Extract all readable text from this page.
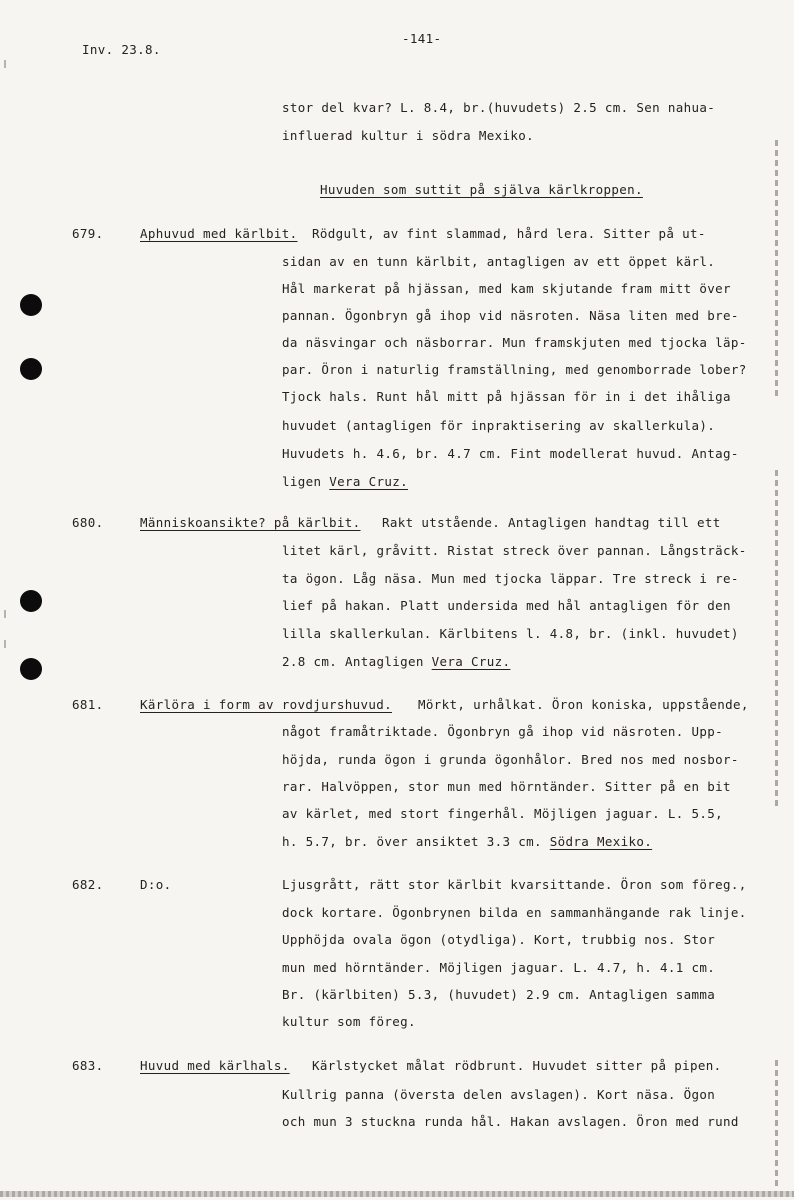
Inv. 23.8.
-141-
stor del kvar? L. 8.4, br.(huvudets) 2.5 cm. Sen nahua-
influerad kultur i södra Mexiko.
Huvuden som suttit på själva kärlkroppen.
679.	Aphuvud med kärlbit. Rödgult, av fint slammad, hård lera. Sitter på ut-
sidan av en tunn kärlbit, antagligen av ett öppet kärl.
Hål markerat på hjässan, med kam skjutande fram mitt över
pannan. Ögonbryn gå ihop vid näsroten. Näsa liten med bre-
da näsvingar och näsborrar. Mun framskjuten med tjocka läp-
par. Öron i naturlig framställning, med genomborrade lober?
Tjock hals. Runt hål mitt på hjässan för in i det ihåliga
huvudet (antagligen för inpraktisering av skallerkula).
Huvudets h. 4.6, br. 4.7 cm. Fint modellerat huvud. Antag-
ligen Vera Cruz.
680.	Människoansikte? på kärlbit. Rakt utstående. Antagligen handtag till ett
litet kärl, gråvitt. Ristat streck över pannan. Långsträck-
ta ögon. Låg näsa. Mun med tjocka läppar. Tre streck i re-
lief på hakan. Platt undersida med hål antagligen för den
lilla skallerkulan. Kärlbitens l. 4.8, br. (inkl. huvudet)
2.8 cm. Antagligen Vera Cruz.
681.	Kärlöra i form av rovdjurshuvud. Mörkt, urhålkat. Öron koniska, uppstående,
något framåtriktade. Ögonbryn gå ihop vid näsroten. Upp-
höjda, runda ögon i grunda ögonhålor. Bred nos med nosbor-
rar. Halvöppen, stor mun med hörntänder. Sitter på en bit
av kärlet, med stort fingerhål. Möjligen jaguar. L. 5.5,
h. 5.7, br. över ansiktet 3.3 cm. Södra Mexiko.
682.	D:o.	Ljusgrått, rätt stor kärlbit kvarsittande. Öron som föreg.,
dock kortare. Ögonbrynen bilda en sammanhängande rak linje.
Upphöjda ovala ögon (otydliga). Kort, trubbig nos. Stor
mun med hörntänder. Möjligen jaguar. L. 4.7, h. 4.1 cm.
Br. (kärlbiten) 5.3, (huvudet) 2.9 cm. Antagligen samma
kultur som föreg.
683.	Huvud med kärlhals. Kärlstycket målat rödbrunt. Huvudet sitter på pipen.
Kullrig panna (översta delen avslagen). Kort näsa. Ögon
och mun 3 stuckna runda hål. Hakan avslagen. Öron med rund
